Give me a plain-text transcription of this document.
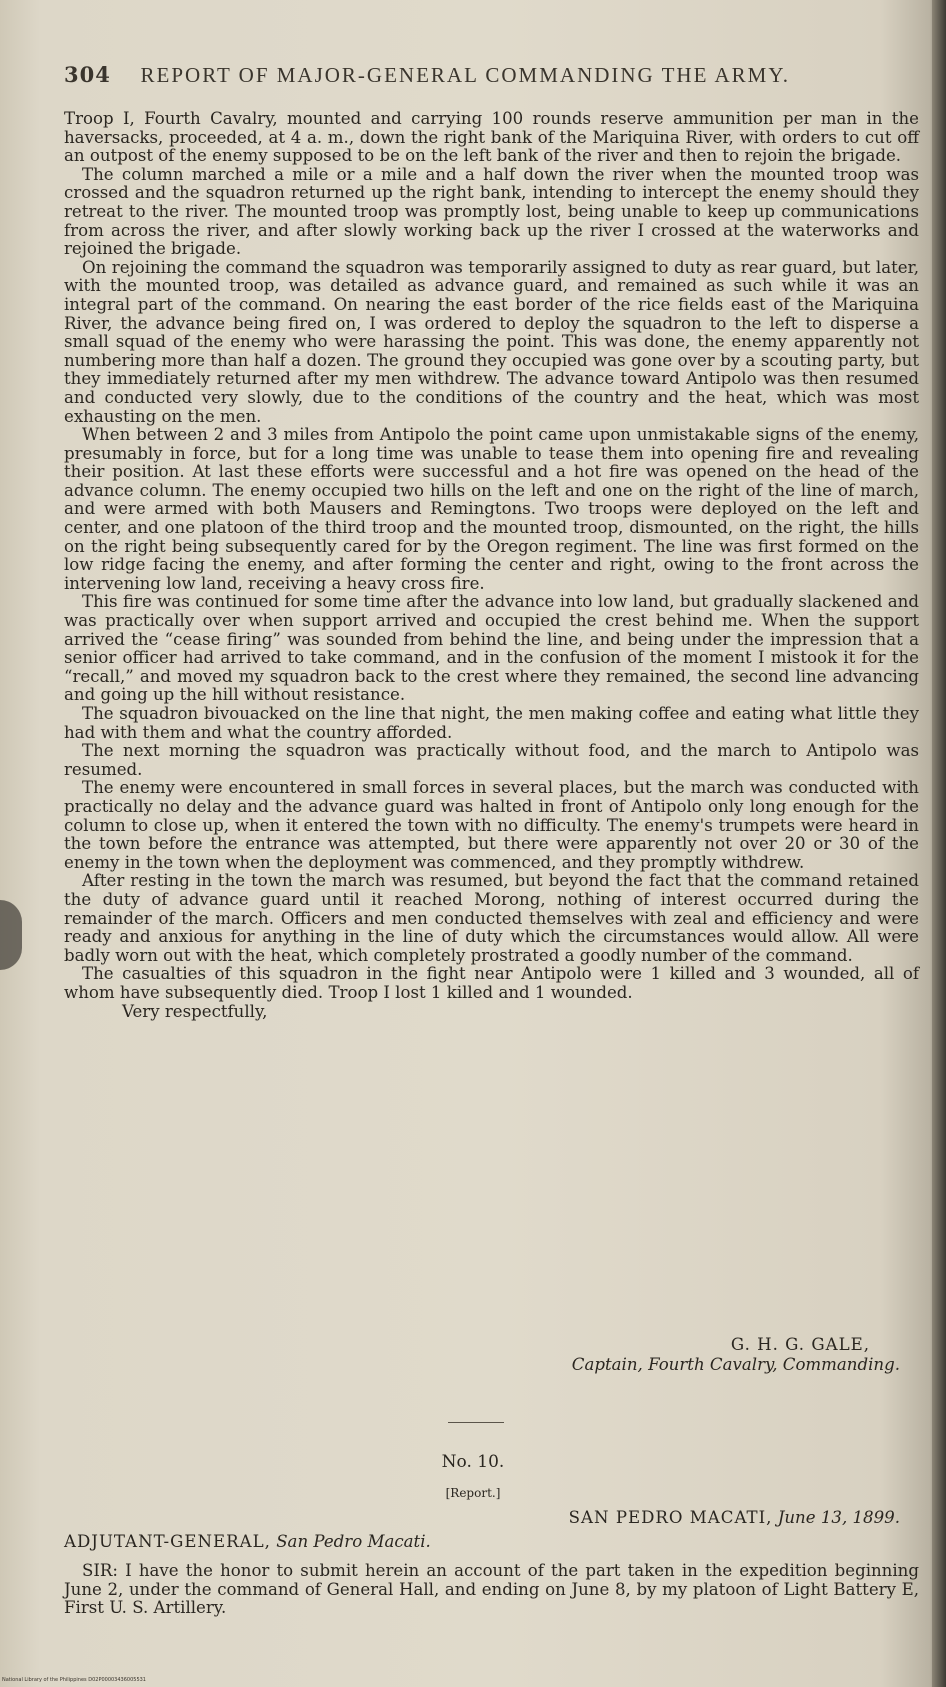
304 REPORT OF MAJOR-GENERAL COMMANDING THE ARMY.

Troop I, Fourth Cavalry, mounted and carrying 100 rounds reserve ammunition per man in the haversacks, proceeded, at 4 a. m., down the right bank of the Mariquina River, with orders to cut off an outpost of the enemy supposed to be on the left bank of the river and then to rejoin the brigade.

The column marched a mile or a mile and a half down the river when the mounted troop was crossed and the squadron returned up the right bank, intending to intercept the enemy should they retreat to the river. The mounted troop was promptly lost, being unable to keep up communications from across the river, and after slowly working back up the river I crossed at the waterworks and rejoined the brigade.

On rejoining the command the squadron was temporarily assigned to duty as rear guard, but later, with the mounted troop, was detailed as advance guard, and remained as such while it was an integral part of the command. On nearing the east border of the rice fields east of the Mariquina River, the advance being fired on, I was ordered to deploy the squadron to the left to disperse a small squad of the enemy who were harassing the point. This was done, the enemy apparently not numbering more than half a dozen. The ground they occupied was gone over by a scouting party, but they immediately returned after my men withdrew. The advance toward Antipolo was then resumed and conducted very slowly, due to the conditions of the country and the heat, which was most exhausting on the men.

When between 2 and 3 miles from Antipolo the point came upon unmistakable signs of the enemy, presumably in force, but for a long time was unable to tease them into opening fire and revealing their position. At last these efforts were successful and a hot fire was opened on the head of the advance column. The enemy occupied two hills on the left and one on the right of the line of march, and were armed with both Mausers and Remingtons. Two troops were deployed on the left and center, and one platoon of the third troop and the mounted troop, dismounted, on the right, the hills on the right being subsequently cared for by the Oregon regiment. The line was first formed on the low ridge facing the enemy, and after forming the center and right, owing to the front across the intervening low land, receiving a heavy cross fire.

This fire was continued for some time after the advance into low land, but gradually slackened and was practically over when support arrived and occupied the crest behind me. When the support arrived the “cease firing” was sounded from behind the line, and being under the impression that a senior officer had arrived to take command, and in the confusion of the moment I mistook it for the “recall,” and moved my squadron back to the crest where they remained, the second line advancing and going up the hill without resistance.

The squadron bivouacked on the line that night, the men making coffee and eating what little they had with them and what the country afforded.

The next morning the squadron was practically without food, and the march to Antipolo was resumed.

The enemy were encountered in small forces in several places, but the march was conducted with practically no delay and the advance guard was halted in front of Antipolo only long enough for the column to close up, when it entered the town with no difficulty. The enemy's trumpets were heard in the town before the entrance was attempted, but there were apparently not over 20 or 30 of the enemy in the town when the deployment was commenced, and they promptly withdrew.

After resting in the town the march was resumed, but beyond the fact that the command retained the duty of advance guard until it reached Morong, nothing of interest occurred during the remainder of the march. Officers and men conducted themselves with zeal and efficiency and were ready and anxious for anything in the line of duty which the circumstances would allow. All were badly worn out with the heat, which completely prostrated a goodly number of the command.

The casualties of this squadron in the fight near Antipolo were 1 killed and 3 wounded, all of whom have subsequently died. Troop I lost 1 killed and 1 wounded.

Very respectfully,

G. H. G. GALE,
Captain, Fourth Cavalry, Commanding.
No. 10.
[Report.]
SAN PEDRO MACATI, June 13, 1899.
ADJUTANT-GENERAL, San Pedro Macati.
SIR: I have the honor to submit herein an account of the part taken in the expedition beginning June 2, under the command of General Hall, and ending on June 8, by my platoon of Light Battery E, First U. S. Artillery.
National Library of the Philippines D02P00003436005531
